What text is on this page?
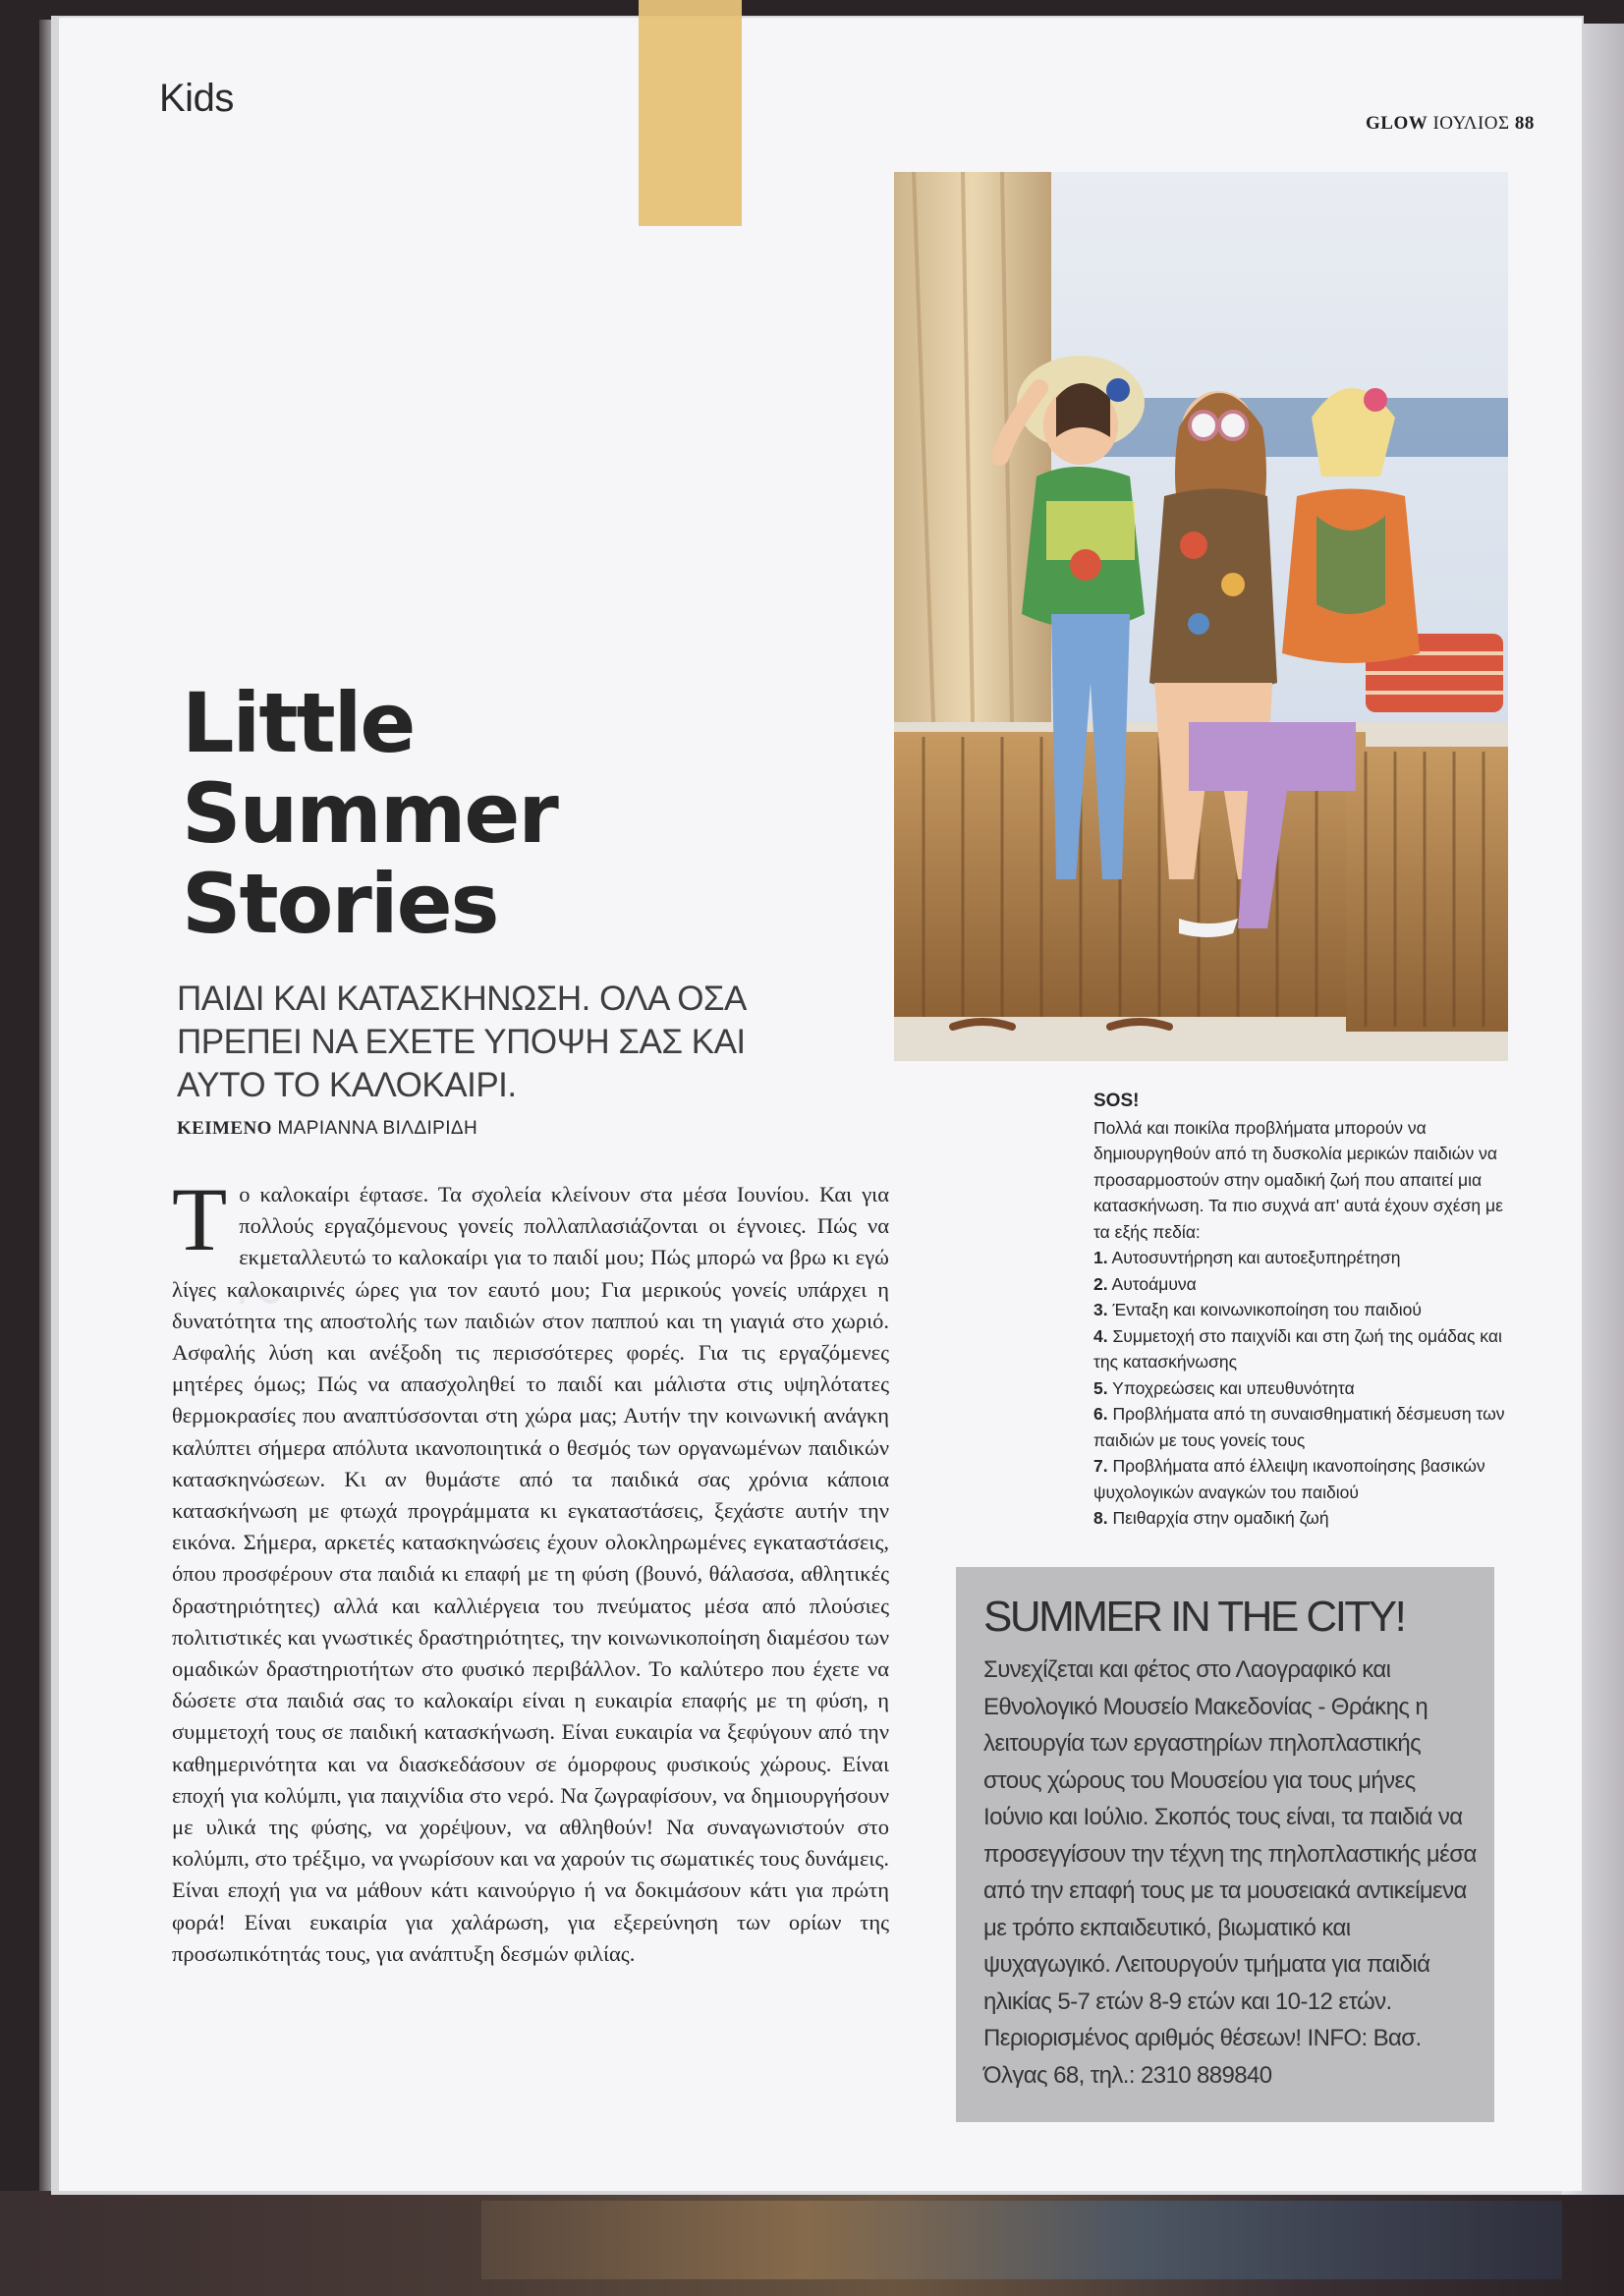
~
Kids
GLOW ΙΟΥΛΙΟΣ 88
Little
Summer
Stories
ΠΑΙΔΙ ΚΑΙ ΚΑΤΑΣΚΗΝΩΣΗ. ΟΛΑ ΟΣΑ
ΠΡΕΠΕΙ ΝΑ ΕΧΕΤΕ ΥΠΟΨΗ ΣΑΣ ΚΑΙ
ΑΥΤΟ ΤΟ ΚΑΛΟΚΑΙΡΙ.
ΚΕΙΜΕΝΟ ΜΑΡΙΑΝΝΑ ΒΙΛΔΙΡΙΔΗ
Τ ο καλοκαίρι έφτασε. Τα σχολεία κλείνουν στα μέσα Ιουνίου. Και για πολλούς εργαζόμενους γονείς πολλαπλασιάζονται οι έγνοιες. Πώς να εκμεταλλευτώ το καλοκαίρι για το παιδί μου; Πώς μπορώ να βρω κι εγώ λίγες καλοκαιρινές ώρες για τον εαυτό μου; Για μερικούς γονείς υπάρχει η δυνατότητα της αποστολής των παιδιών στον παππού και τη γιαγιά στο χωριό. Ασφαλής λύση και ανέξοδη τις περισσότερες φορές. Για τις εργαζόμενες μητέρες όμως; Πώς να απασχοληθεί το παιδί και μάλιστα στις υψηλότατες θερμοκρασίες που αναπτύσσονται στη χώρα μας; Αυτήν την κοινωνική ανάγκη καλύπτει σήμερα απόλυτα ικανοποιητικά ο θεσμός των οργανωμένων παιδικών κατασκηνώσεων. Κι αν θυμάστε από τα παιδικά σας χρόνια κάποια κατασκήνωση με φτωχά προγράμματα κι εγκαταστάσεις, ξεχάστε αυτήν την εικόνα. Σήμερα, αρκετές κατασκηνώσεις έχουν ολοκληρωμένες εγκαταστάσεις, όπου προσφέρουν στα παιδιά κι επαφή με τη φύση (βουνό, θάλασσα, αθλητικές δραστηριότητες) αλλά και καλλιέργεια του πνεύματος μέσα από πλούσιες πολιτιστικές και γνωστικές δραστηριότητες, την κοινωνικοποίηση διαμέσου των ομαδικών δραστηριοτήτων στο φυσικό περιβάλλον. Το καλύτερο που έχετε να δώσετε στα παιδιά σας το καλοκαίρι είναι η ευκαιρία επαφής με τη φύση, η συμμετοχή τους σε παιδική κατασκήνωση. Είναι ευκαιρία να ξεφύγουν από την καθημερινότητα και να διασκεδάσουν σε όμορφους φυσικούς χώρους. Είναι εποχή για κολύμπι, για παιχνίδια στο νερό. Να ζωγραφίσουν, να δημιουργήσουν με υλικά της φύσης, να χορέψουν, να αθληθούν! Να συναγωνιστούν στο κολύμπι, στο τρέξιμο, να γνωρίσουν και να χαρούν τις σωματικές τους δυνάμεις. Είναι εποχή για να μάθουν κάτι καινούργιο ή να δοκιμάσουν κάτι για πρώτη φορά! Είναι ευκαιρία για χαλάρωση, για εξερεύνηση των ορίων της προσωπικότητάς τους, για ανάπτυξη δεσμών φιλίας.
SOS!
Πολλά και ποικίλα προβλήματα μπορούν να δημιουργηθούν από τη δυσκολία μερικών παιδιών να προσαρμοστούν στην ομαδική ζωή που απαιτεί μια κατασκήνωση. Τα πιο συχνά απ' αυτά έχουν σχέση με τα εξής πεδία:
1. Αυτοσυντήρηση και αυτοεξυπηρέτηση
2. Αυτοάμυνα
3. Ένταξη και κοινωνικοποίηση του παιδιού
4. Συμμετοχή στο παιχνίδι και στη ζωή της ομάδας και της κατασκήνωσης
5. Υποχρεώσεις και υπευθυνότητα
6. Προβλήματα από τη συναισθηματική δέσμευση των παιδιών με τους γονείς τους
7. Προβλήματα από έλλειψη ικανοποίησης βασικών ψυχολογικών αναγκών του παιδιού
8. Πειθαρχία στην ομαδική ζωή
SUMMER IN THE CITY!
Συνεχίζεται και φέτος στο Λαογραφικό και Εθνολογικό Μουσείο Μακεδονίας - Θράκης η λειτουργία των εργαστηρίων πηλοπλαστικής στους χώρους του Μουσείου για τους μήνες Ιούνιο και Ιούλιο. Σκοπός τους είναι, τα παιδιά να προσεγγίσουν την τέχνη της πηλοπλαστικής μέσα από την επαφή τους με τα μουσειακά αντικείμενα με τρόπο εκπαιδευτικό, βιωματικό και ψυχαγωγικό. Λειτουργούν τμήματα για παιδιά ηλικίας 5-7 ετών 8-9 ετών και 10-12 ετών. Περιορισμένος αριθμός θέσεων! INFO: Βασ. Όλγας 68, τηλ.: 2310 889840
